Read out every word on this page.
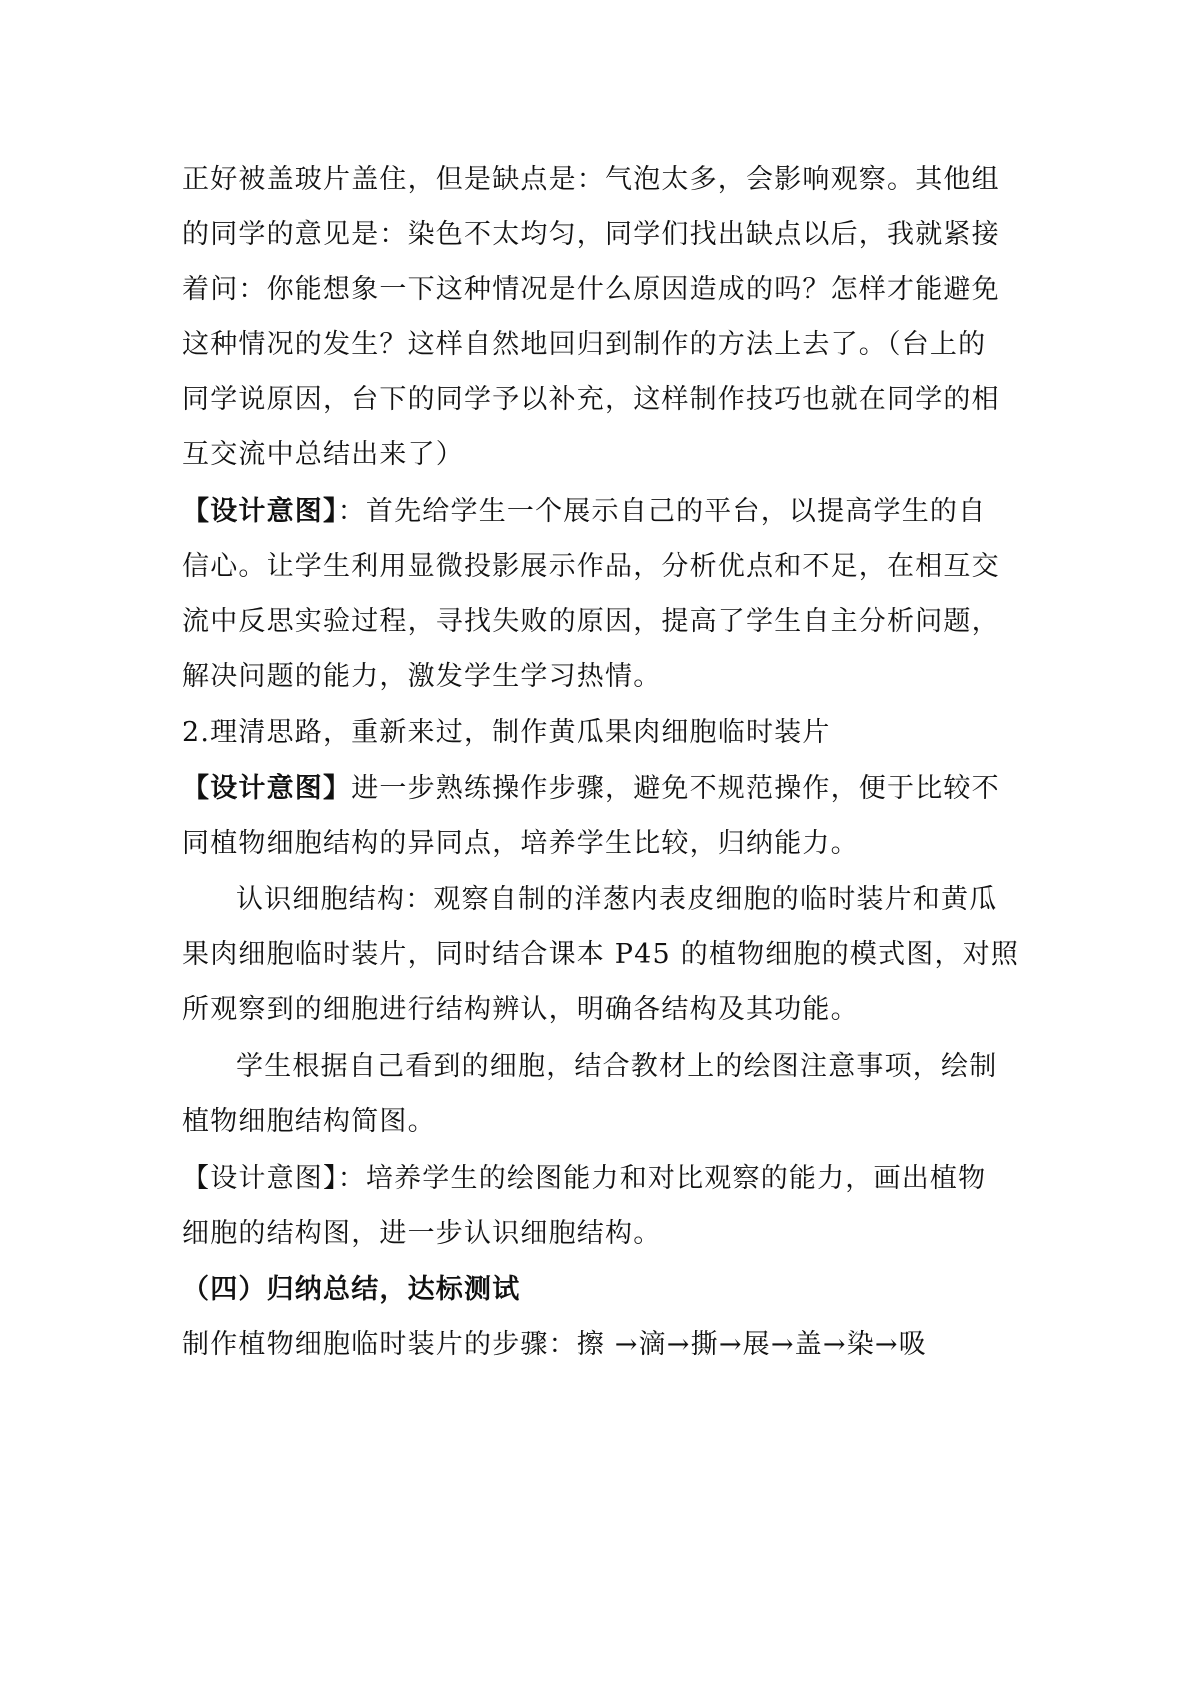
正好被盖玻片盖住，但是缺点是：气泡太多，会影响观察。其他组
的同学的意见是：染色不太均匀，同学们找出缺点以后，我就紧接
着问：你能想象一下这种情况是什么原因造成的吗？怎样才能避免
这种情况的发生？这样自然地回归到制作的方法上去了。（台上的
同学说原因，台下的同学予以补充，这样制作技巧也就在同学的相
互交流中总结出来了）
【设计意图】：首先给学生一个展示自己的平台，以提高学生的自
信心。让学生利用显微投影展示作品，分析优点和不足，在相互交
流中反思实验过程，寻找失败的原因，提高了学生自主分析问题，
解决问题的能力，激发学生学习热情。
2.理清思路，重新来过，制作黄瓜果肉细胞临时装片
【设计意图】进一步熟练操作步骤，避免不规范操作，便于比较不
同植物细胞结构的异同点，培养学生比较，归纳能力。
认识细胞结构：观察自制的洋葱内表皮细胞的临时装片和黄瓜
果肉细胞临时装片，同时结合课本 P45 的植物细胞的模式图，对照
所观察到的细胞进行结构辨认，明确各结构及其功能。
学生根据自己看到的细胞，结合教材上的绘图注意事项，绘制
植物细胞结构简图。
【设计意图】：培养学生的绘图能力和对比观察的能力，画出植物
细胞的结构图，进一步认识细胞结构。
（四）归纳总结，达标测试
制作植物细胞临时装片的步骤：擦 →滴→撕→展→盖→染→吸
